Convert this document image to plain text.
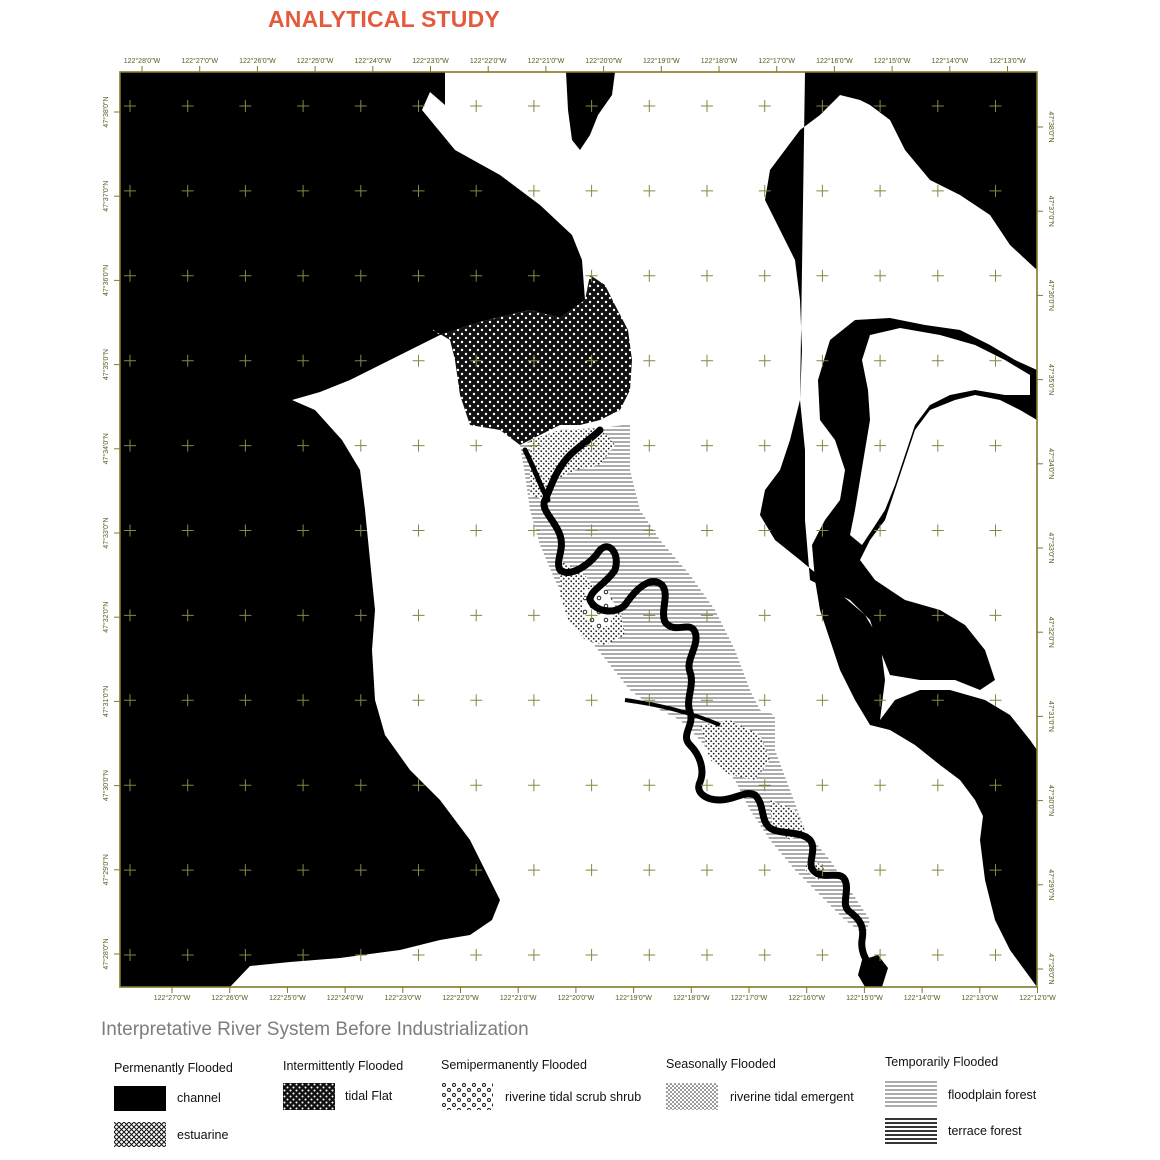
ANALYTICAL STUDY
122°28'0"W	122°27'0"W	122°26'0"W	122°25'0"W	122°24'0"W	122°23'0"W	122°22'0"W	122°21'0"W	122°20'0"W	122°19'0"W	122°18'0"W	122°17'0"W	122°16'0"W	122°15'0"W	122°14'0"W	122°13'0"W
122°27'0"W	122°26'0"W	122°25'0"W	122°24'0"W	122°23'0"W	122°22'0"W	122°21'0"W	122°20'0"W	122°19'0"W	122°18'0"W	122°17'0"W	122°16'0"W	122°15'0"W	122°14'0"W	122°13'0"W	122°12'0"W
47°38'0"N
47°37'0"N
47°36'0"N
47°35'0"N
47°34'0"N
47°33'0"N
47°32'0"N
47°31'0"N
47°30'0"N
47°29'0"N
47°28'0"N
47°38'0"N
47°37'0"N
47°36'0"N
47°35'0"N
47°34'0"N
47°33'0"N
47°32'0"N
47°31'0"N
47°30'0"N
47°29'0"N
47°28'0"N
Interpretative River System Before Industrialization
Permenantly Flooded
channel
estuarine
Intermittently Flooded
tidal Flat
Semipermanently Flooded
riverine tidal scrub shrub
Seasonally Flooded
riverine tidal emergent
Temporarily Flooded
floodplain forest
terrace forest
